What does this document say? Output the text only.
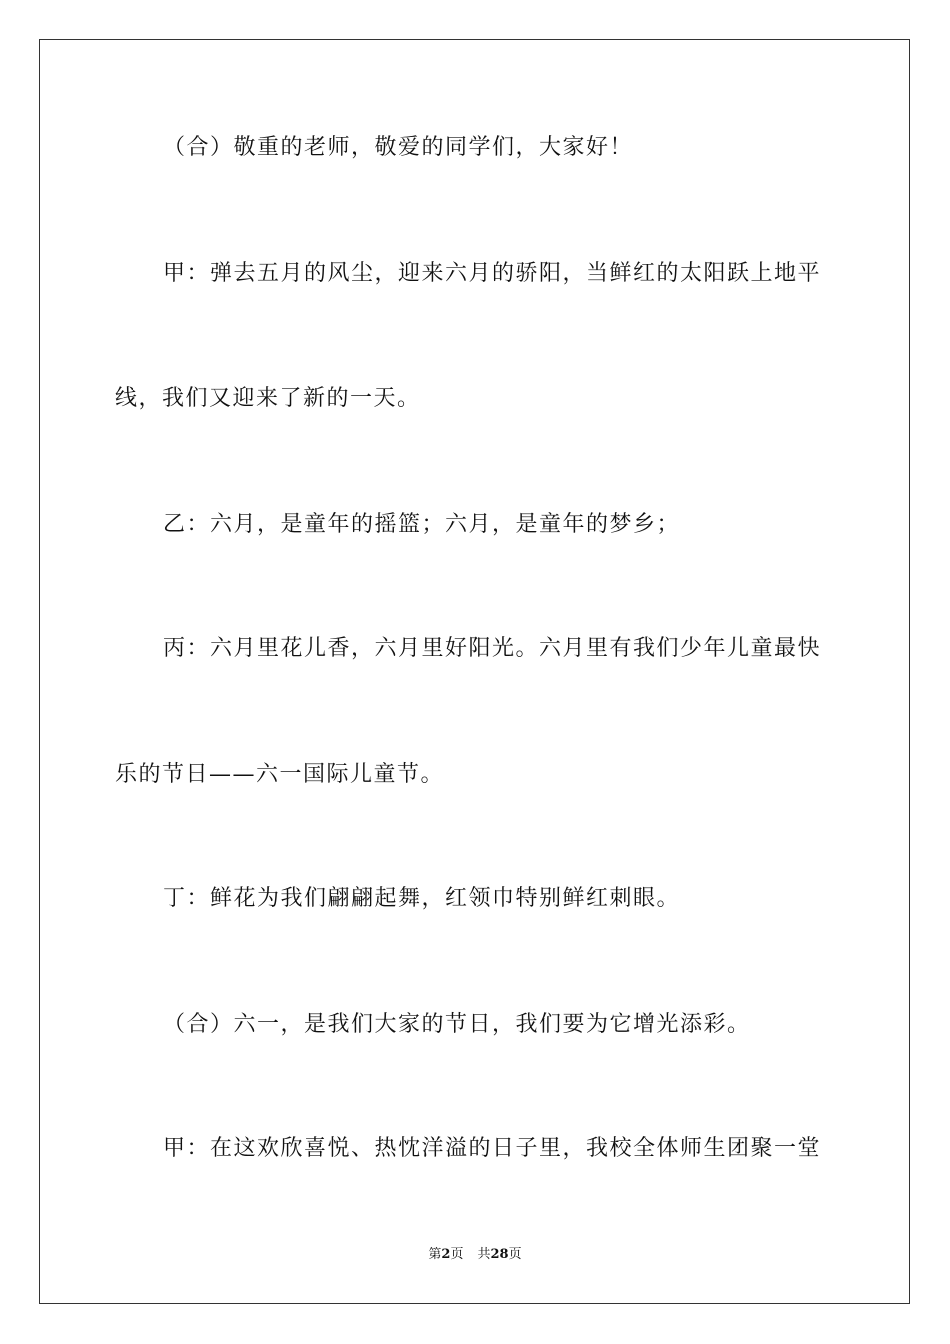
（合）敬重的老师，敬爱的同学们，大家好！
甲：弹去五月的风尘，迎来六月的骄阳，当鲜红的太阳跃上地平
线，我们又迎来了新的一天。
乙：六月，是童年的摇篮；六月，是童年的梦乡；
丙：六月里花儿香，六月里好阳光。六月里有我们少年儿童最快
乐的节日——六一国际儿童节。
丁：鲜花为我们翩翩起舞，红领巾特别鲜红刺眼。
（合）六一，是我们大家的节日，我们要为它增光添彩。
甲：在这欢欣喜悦、热忱洋溢的日子里，我校全体师生团聚一堂
第2页 共28页
